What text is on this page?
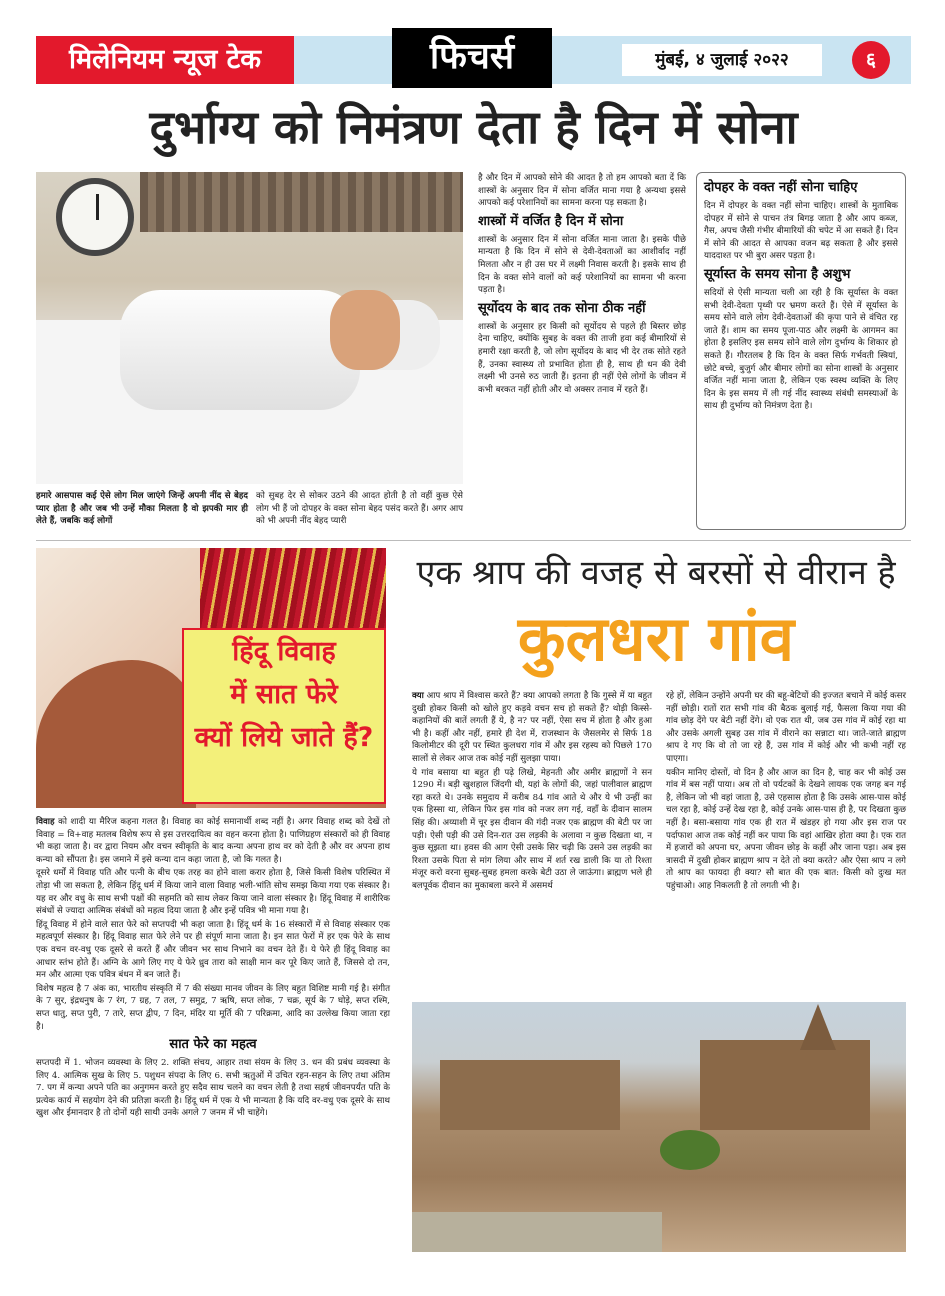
मिलेनियम न्यूज टेक	फिचर्स	मुंबई, ४ जुलाई २०२२	६
दुर्भाग्य को निमंत्रण देता है दिन में सोना
हमारे आसपास कई ऐसे लोग मिल जाएंगे जिन्हें अपनी नींद से बेहद प्यार होता है और जब भी उन्हें मौका मिलता है वो झपकी मार ही लेते हैं, जबकि कई लोगों
को सुबह देर से सोकर उठने की आदत होती है तो वहीं कुछ ऐसे लोग भी हैं जो दोपहर के वक्त सोना बेहद पसंद करते हैं। अगर आप को भी अपनी नींद बेहद प्यारी

है और दिन में आपको सोने की आदत है तो हम आपको बता दें कि शास्त्रों के अनुसार दिन में सोना वर्जित माना गया है अन्यथा इससे आपको कई परेशानियों का सामना करना पड़ सकता है।

शास्त्रों में वर्जित है दिन में सोना

शास्त्रों के अनुसार दिन में सोना वर्जित माना जाता है। इसके पीछे मान्यता है कि दिन में सोने से देवी-देवताओं का आशीर्वाद नहीं मिलता और न ही उस घर में लक्ष्मी निवास करती है। इसके साथ ही दिन के वक्त सोने वालों को कई परेशानियों का सामना भी करना पड़ता है।

सूर्योदय के बाद तक सोना ठीक नहीं

शास्त्रों के अनुसार हर किसी को सूर्योदय से पहले ही बिस्तर छोड़ देना चाहिए, क्योंकि सुबह के वक्त की ताजी हवा कई बीमारियों से हमारी रक्षा करती है, जो लोग सूर्योदय के बाद भी देर तक सोते रहते हैं, उनका स्वास्थ्य तो प्रभावित होता ही है, साथ ही धन की देवी लक्ष्मी भी उनसे रुठ जाती हैं। इतना ही नहीं ऐसे लोगों के जीवन में कभी बरकत नहीं होती और वो अक्सर तनाव में रहते हैं।

दोपहर के वक्त नहीं सोना चाहिए

दिन में दोपहर के वक्त नहीं सोना चाहिए। शास्त्रों के मुताबिक दोपहर में सोने से पाचन तंत्र बिगड़ जाता है और आप कब्ज, गैस, अपच जैसी गंभीर बीमारियों की चपेट में आ सकते हैं। दिन में सोने की आदत से आपका वजन बढ़ सकता है और इससे याददाश्त पर भी बुरा असर पड़ता है।

सूर्यास्त के समय सोना है अशुभ

सदियों से ऐसी मान्यता चली आ रही है कि सूर्यास्त के वक्त सभी देवी-देवता पृथ्वी पर भ्रमण करते हैं। ऐसे में सूर्यास्त के समय सोने वाले लोग देवी-देवताओं की कृपा पाने से वंचित रह जाते हैं। शाम का समय पूजा-पाठ और लक्ष्मी के आगमन का होता है इसलिए इस समय सोने वाले लोग दुर्भाग्य के शिकार हो सकते हैं। गौरतलब है कि दिन के वक्त सिर्फ गर्भवती स्त्रियां, छोटे बच्चे, बुजुर्ग और बीमार लोगों का सोना शास्त्रों के अनुसार वर्जित नहीं माना जाता है, लेकिन एक स्वस्थ व्यक्ति के लिए दिन के इस समय में ली गई नींद स्वास्थ्य संबंधी समस्याओं के साथ ही दुर्भाग्य को निमंत्रण देता है।

हिंदू विवाह
में सात फेरे
क्यों लिये जाते हैं?

विवाह को शादी या मैरिज कहना गलत है। विवाह का कोई समानार्थी शब्द नहीं है। अगर विवाह शब्द को देखें तो विवाह = वि+वाह मतलब विशेष रूप से इस उत्तरदायित्व का वहन करना होता है। पाणिग्रहण संस्कारों को ही विवाह भी कहा जाता है। वर द्वारा नियम और वचन स्वीकृति के बाद कन्या अपना हाथ वर को देती है और वर अपना हाथ कन्या को सौंपता है। इस जमाने में इसे कन्या दान कहा जाता है, जो कि गलत है।

दूसरे धर्मों में विवाह पति और पत्नी के बीच एक तरह का होने वाला करार होता है, जिसे किसी विशेष परिस्थित में तोड़ा भी जा सकता है, लेकिन हिंदू धर्म में किया जाने वाला विवाह भली-भांति सोच समझ किया गया एक संस्कार है। यह वर और वधु के साथ सभी पक्षों की सहमति को साथ लेकर किया जाने वाला संस्कार है। हिंदू विवाह में शारीरिक संबंधों से ज्यादा आत्मिक संबंधों को महत्व दिया जाता है और इन्हें पवित्र भी माना गया है।

हिंदू विवाह में होने वाले सात फेरे को सप्तपदी भी कहा जाता है। हिंदू धर्म के 16 संस्कारों में से विवाह संस्कार एक महत्वपूर्ण संस्कार है। हिंदू विवाह सात फेरे लेने पर ही संपूर्ण माना जाता है। इन सात फेरों में हर एक फेरे के साथ एक वचन वर-वधु एक दूसरे से करते हैं और जीवन भर साथ निभाने का वचन देते हैं। ये फेरे ही हिंदू विवाह का आधार स्तंभ होते हैं। अग्नि के आगे लिए गए ये फेरे ध्रुव तारा को साक्षी मान कर पूरे किए जाते हैं, जिससे दो तन, मन और आत्मा एक पवित्र बंधन में बन जाते हैं।

विशेष महत्व है 7 अंक का, भारतीय संस्कृति में 7 की संख्या मानव जीवन के लिए बहुत विशिष्ट मानी गई है। संगीत के 7 सुर, इंद्रधनुष के 7 रंग, 7 ग्रह, 7 तल, 7 समुद्र, 7 ऋषि, सप्त लोक, 7 चक्र, सूर्य के 7 घोड़े, सप्त रश्मि, सप्त धातु, सप्त पुरी, 7 तारे, सप्त द्वीप, 7 दिन, मंदिर या मूर्ति की 7 परिक्रमा, आदि का उल्लेख किया जाता रहा है।

सात फेरे का महत्व

सप्तपदी में 1. भोजन व्यवस्था के लिए 2. शक्ति संचय, आहार तथा संयम के लिए 3. धन की प्रबंध व्यवस्था के लिए 4. आत्मिक सुख के लिए 5. पशुधन संपदा के लिए 6. सभी ऋतुओं में उचित रहन-सहन के लिए तथा अंतिम 7. पग में कन्या अपने पति का अनुगमन करते हुए सदैव साथ चलने का वचन लेती है तथा सहर्ष जीवनपर्यंत पति के प्रत्येक कार्य में सहयोग देने की प्रतिज्ञा करती है। हिंदू धर्म में एक ये भी मान्यता है कि यदि वर-वधु एक दूसरे के साथ खुश और ईमानदार है तो दोनों यही साथी उनके अगले 7 जनम में भी चाहेंगे।

एक श्राप की वजह से बरसों से वीरान है
कुलधरा गांव

क्या आप श्राप में विश्वास करते हैं? क्या आपको लगता है कि गुस्से में या बहुत दुखी होकर किसी को खोले हुए कड़वे वचन सच हो सकते हैं? थोड़ी किस्से-कहानियों की बातें लगती हैं ये, है न? पर नहीं, ऐसा सच में होता है और हुआ भी है। कहीं और नहीं, हमारे ही देश में, राजस्थान के जैसलमेर से सिर्फ 18 किलोमीटर की दूरी पर स्थित कुलधरा गांव में और इस रहस्य को पिछले 170 सालों से लेकर आज तक कोई नहीं सुलझा पाया।

ये गांव बसाया था बहुत ही पढ़े लिखे, मेहनती और अमीर ब्राह्मणों ने सन 1290 में। बड़ी खुशहाल जिंदगी थी, यहां के लोगों की, जहां पालीवाल ब्राह्मण रहा करते थे। उनके समुदाय में करीब 84 गांव आते थे और ये भी उन्हीं का एक हिस्सा था, लेकिन फिर इस गांव को नजर लग गई, वहाँ के दीवान सालम सिंह की। अय्याशी में चूर इस दीवान की गंदी नजर एक ब्राह्मण की बेटी पर जा पड़ी। ऐसी पड़ी की उसे दिन-रात उस लड़की के अलावा न कुछ दिखता था, न कुछ सूझता था। हवस की आग ऐसी उसके सिर चढ़ी कि उसने उस लड़की का रिश्ता उसके पिता से मांग लिया और साथ में शर्त रख डाली कि या तो रिश्ता मंजूर करो वरना सुबह-सुबह हमला करके बेटी उठा ले जाऊंगा। ब्राह्मण भले ही बलपूर्वक दीवान का मुकाबला करने में असमर्थ

रहे हों, लेकिन उन्होंने अपनी घर की बहू-बेटियों की इज्जत बचाने में कोई कसर नहीं छोड़ी। रातों रात सभी गांव की बैठक बुलाई गई, फैसला किया गया की गांव छोड़ देंगे पर बेटी नहीं देंगे। वो एक रात थी, जब उस गांव में कोई रहा था और उसके अगली सुबह उस गांव में वीराने का सन्नाटा था। जाते-जाते ब्राह्मण श्राप दे गए कि वो तो जा रहे हैं, उस गांव में कोई और भी कभी नहीं रह पाएगा।

यकीन मानिए दोस्तों, वो दिन है और आज का दिन है, चाह कर भी कोई उस गांव में बस नहीं पाया। अब तो वो पर्यटकों के देखने लायक एक जगह बन गई है, लेकिन जो भी वहां जाता है, उसे एहसास होता है कि उसके आस-पास कोई चल रहा है, कोई उन्हें देख रहा है, कोई उनके आस-पास ही है, पर दिखता कुछ नहीं है। बसा-बसाया गांव एक ही रात में खंडहर हो गया और इस राज पर पर्दाफाश आज तक कोई नहीं कर पाया कि वहां आखिर होता क्या है। एक रात में हजारों को अपना घर, अपना जीवन छोड़ के कहीं और जाना पड़ा। अब इस त्रासदी में दुखी होकर ब्राह्मण श्राप न देते तो क्या करते? और ऐसा श्राप न लगे तो श्राप का फायदा ही क्या? सौ बात की एक बात: किसी को दुःख मत पहुंचाओ। आह निकलती है तो लगती भी है।
